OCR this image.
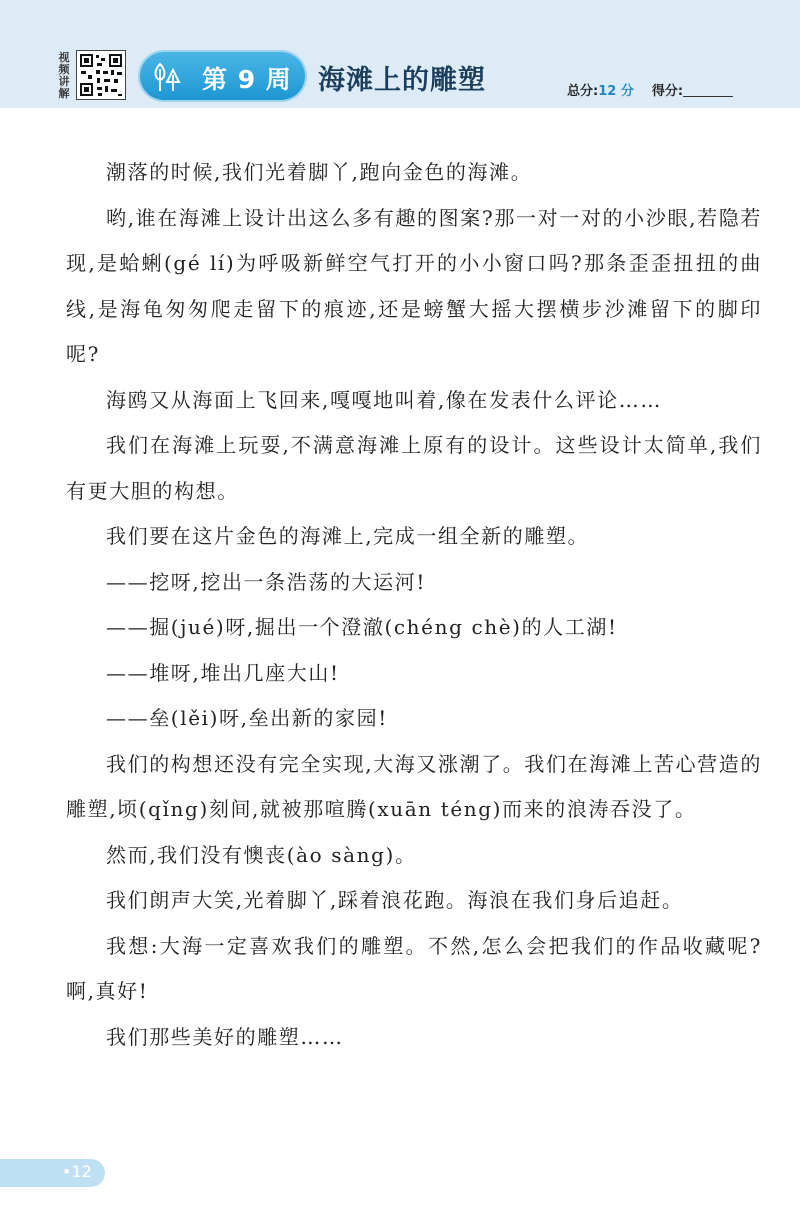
视频讲解	第 9 周 海滩上的雕塑	总分:12 分 得分:

潮落的时候,我们光着脚丫,跑向金色的海滩。

哟,谁在海滩上设计出这么多有趣的图案?那一对一对的小沙眼,若隐若现,是蛤蜊(gé lí)为呼吸新鲜空气打开的小小窗口吗?那条歪歪扭扭的曲线,是海龟匆匆爬走留下的痕迹,还是螃蟹大摇大摆横步沙滩留下的脚印呢?

海鸥又从海面上飞回来,嘎嘎地叫着,像在发表什么评论……

我们在海滩上玩耍,不满意海滩上原有的设计。这些设计太简单,我们有更大胆的构想。

我们要在这片金色的海滩上,完成一组全新的雕塑。

——挖呀,挖出一条浩荡的大运河!

——掘(jué)呀,掘出一个澄澈(chéng chè)的人工湖!

——堆呀,堆出几座大山!

——垒(lěi)呀,垒出新的家园!

我们的构想还没有完全实现,大海又涨潮了。我们在海滩上苦心营造的雕塑,顷(qǐng)刻间,就被那喧腾(xuān téng)而来的浪涛吞没了。

然而,我们没有懊丧(ào sàng)。

我们朗声大笑,光着脚丫,踩着浪花跑。海浪在我们身后追赶。

我想:大海一定喜欢我们的雕塑。不然,怎么会把我们的作品收藏呢?啊,真好!

我们那些美好的雕塑……

•12
